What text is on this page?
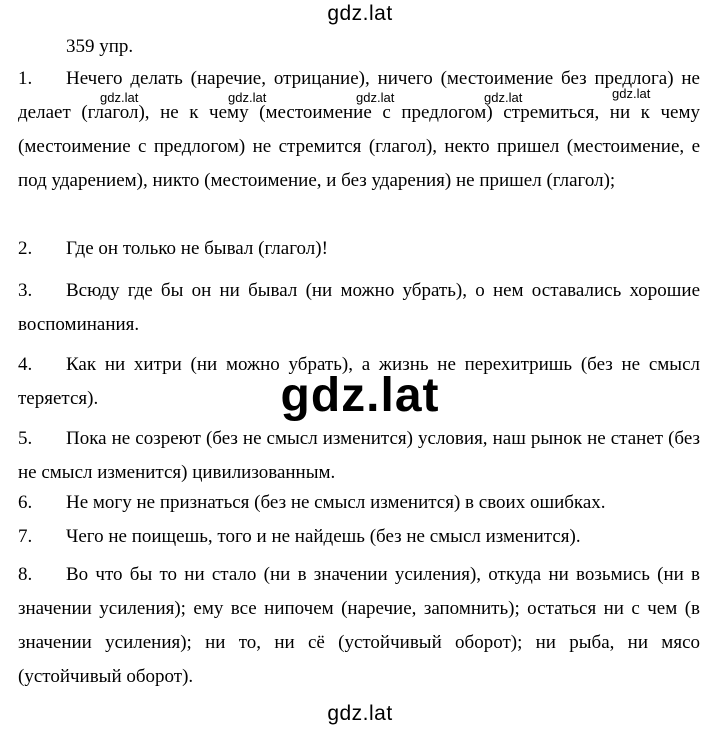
gdz.lat
359 упр.
1. Нечего делать (наречие, отрицание), ничего (местоимение без предлога) не делает (глагол), не к чему (местоимение с предлогом) стремиться, ни к чему (местоимение с предлогом) не стремится (глагол), некто пришел (местоимение, е под ударением), никто (местоимение, и без ударения) не пришел (глагол);
2. Где он только не бывал (глагол)!
3. Всюду где бы он ни бывал (ни можно убрать), о нем оставались хорошие воспоминания.
4. Как ни хитри (ни можно убрать), а жизнь не перехитришь (без не смысл теряется).
5. Пока не созреют (без не смысл изменится) условия, наш рынок не станет (без не смысл изменится) цивилизованным.
6. Не могу не признаться (без не смысл изменится) в своих ошибках.
7. Чего не поищешь, того и не найдешь (без не смысл изменится).
8. Во что бы то ни стало (ни в значении усиления), откуда ни возьмись (ни в значении усиления); ему все нипочем (наречие, запомнить); остаться ни с чем (в значении усиления); ни то, ни сё (устойчивый оборот); ни рыба, ни мясо (устойчивый оборот).
gdz.lat	gdz.lat	gdz.lat	gdz.lat	gdz.lat
gdz.lat
gdz.lat
